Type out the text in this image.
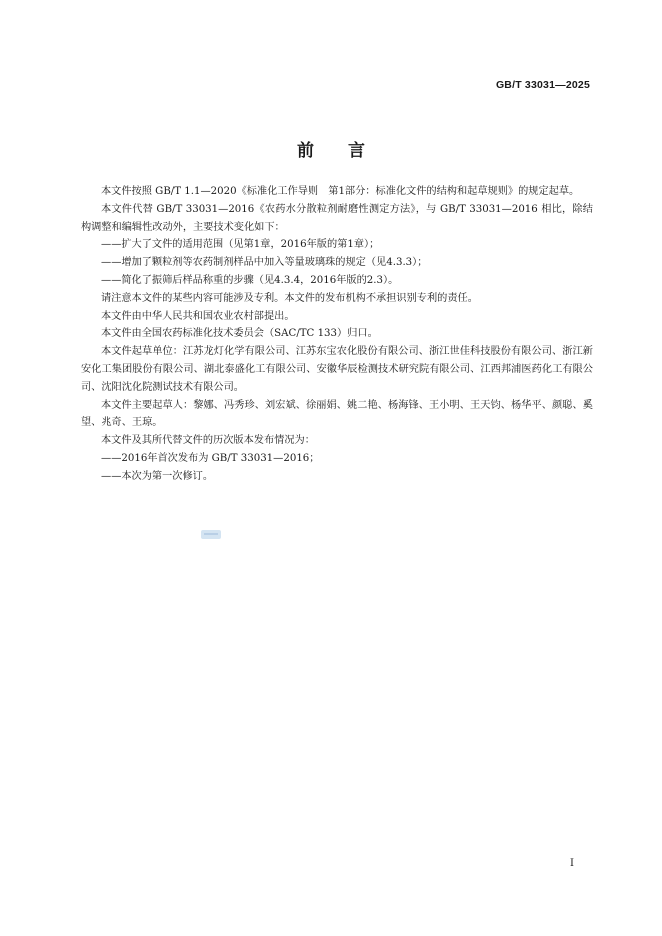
GB/T 33031—2025
前　　言

本文件按照 GB/T 1.1—2020《标准化工作导则　第1部分：标准化文件的结构和起草规则》的规定起草。

本文件代替 GB/T 33031—2016《农药水分散粒剂耐磨性测定方法》，与 GB/T 33031—2016 相比，除结构调整和编辑性改动外，主要技术变化如下：

——扩大了文件的适用范围（见第1章，2016年版的第1章）；

——增加了颗粒剂等农药制剂样品中加入等量玻璃珠的规定（见4.3.3）；

——简化了振筛后样品称重的步骤（见4.3.4，2016年版的2.3）。

请注意本文件的某些内容可能涉及专利。本文件的发布机构不承担识别专利的责任。

本文件由中华人民共和国农业农村部提出。

本文件由全国农药标准化技术委员会（SAC/TC 133）归口。

本文件起草单位：江苏龙灯化学有限公司、江苏东宝农化股份有限公司、浙江世佳科技股份有限公司、浙江新安化工集团股份有限公司、湖北泰盛化工有限公司、安徽华辰检测技术研究院有限公司、江西邦浦医药化工有限公司、沈阳沈化院测试技术有限公司。

本文件主要起草人：黎娜、冯秀珍、刘宏斌、徐丽娟、姚二艳、杨海锋、王小明、王天钧、杨华平、颜聪、奚望、兆奇、王琼。

本文件及其所代替文件的历次版本发布情况为：

——2016年首次发布为 GB/T 33031—2016；

——本次为第一次修订。

I
